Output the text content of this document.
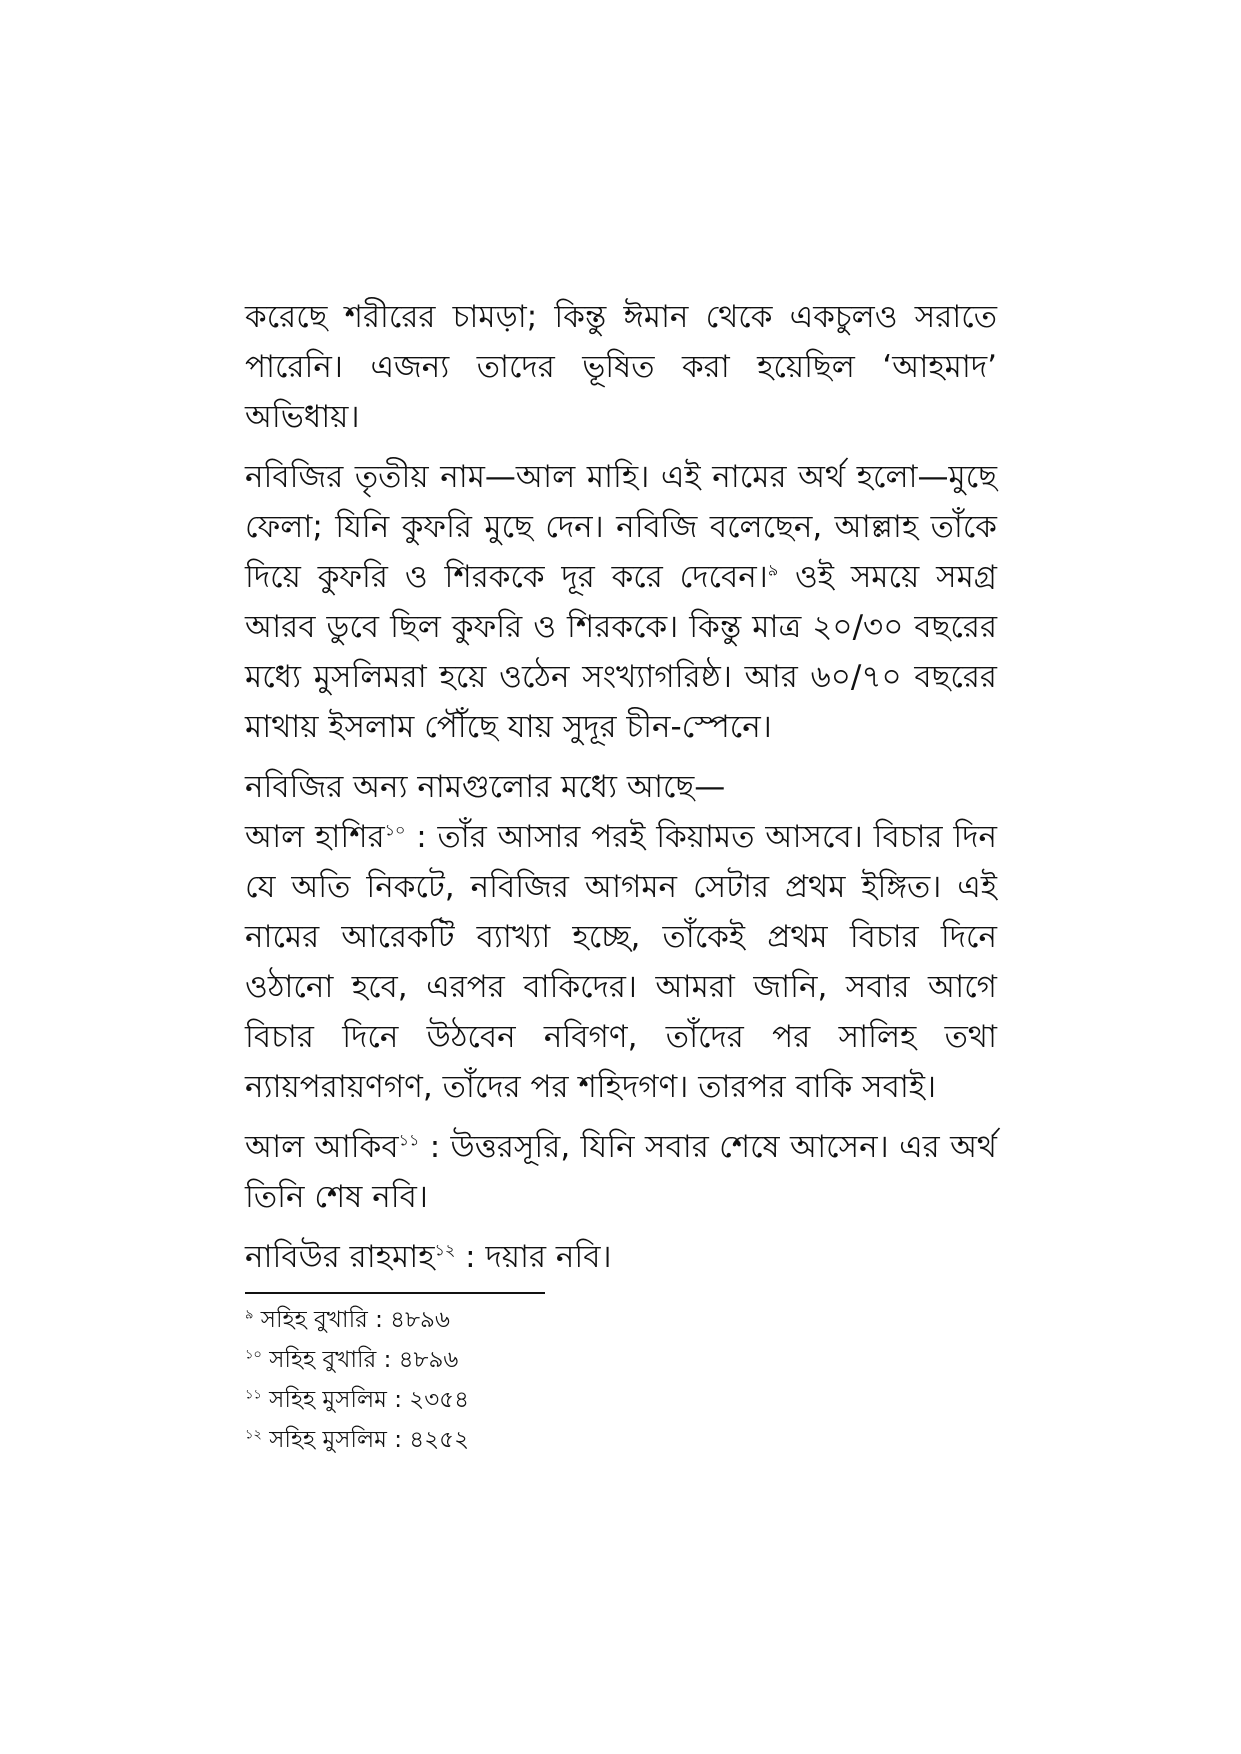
করেছে শরীরের চামড়া; কিন্তু ঈমান থেকে একচুলও সরাতে পারেনি। এজন্য তাদের ভূষিত করা হয়েছিল ‘আহমাদ’ অভিধায়।

নবিজির তৃতীয় নাম—আল মাহি। এই নামের অর্থ হলো—মুছে ফেলা; যিনি কুফরি মুছে দেন। নবিজি বলেছেন, আল্লাহ তাঁকে দিয়ে কুফরি ও শিরককে দূর করে দেবেন।$^৯$ ওই সময়ে সমগ্র আরব ডুবে ছিল কুফরি ও শিরককে। কিন্তু মাত্র ২০/৩০ বছরের মধ্যে মুসলিমরা হয়ে ওঠেন সংখ্যাগরিষ্ঠ। আর ৬০/৭০ বছরের মাথায় ইসলাম পৌঁছে যায় সুদূর চীন-স্পেনে।

নবিজির অন্য নামগুলোর মধ্যে আছে—

আল হাশির$^{১০}$ : তাঁর আসার পরই কিয়ামত আসবে। বিচার দিন যে অতি নিকটে, নবিজির আগমন সেটার প্রথম ইঙ্গিত। এই নামের আরেকটি ব্যাখ্যা হচ্ছে, তাঁকেই প্রথম বিচার দিনে ওঠানো হবে, এরপর বাকিদের। আমরা জানি, সবার আগে বিচার দিনে উঠবেন নবিগণ, তাঁদের পর সালিহ তথা ন্যায়পরায়ণগণ, তাঁদের পর শহিদগণ। তারপর বাকি সবাই।

আল আকিব$^{১১}$ : উত্তরসূরি, যিনি সবার শেষে আসেন। এর অর্থ তিনি শেষ নবি।

নাবিউর রাহমাহ$^{১২}$ : দয়ার নবি।

$^৯$ সহিহ বুখারি : ৪৮৯৬
$^{১০}$ সহিহ বুখারি : ৪৮৯৬
$^{১১}$ সহিহ মুসলিম : ২৩৫৪
$^{১২}$ সহিহ মুসলিম : ৪২৫২
